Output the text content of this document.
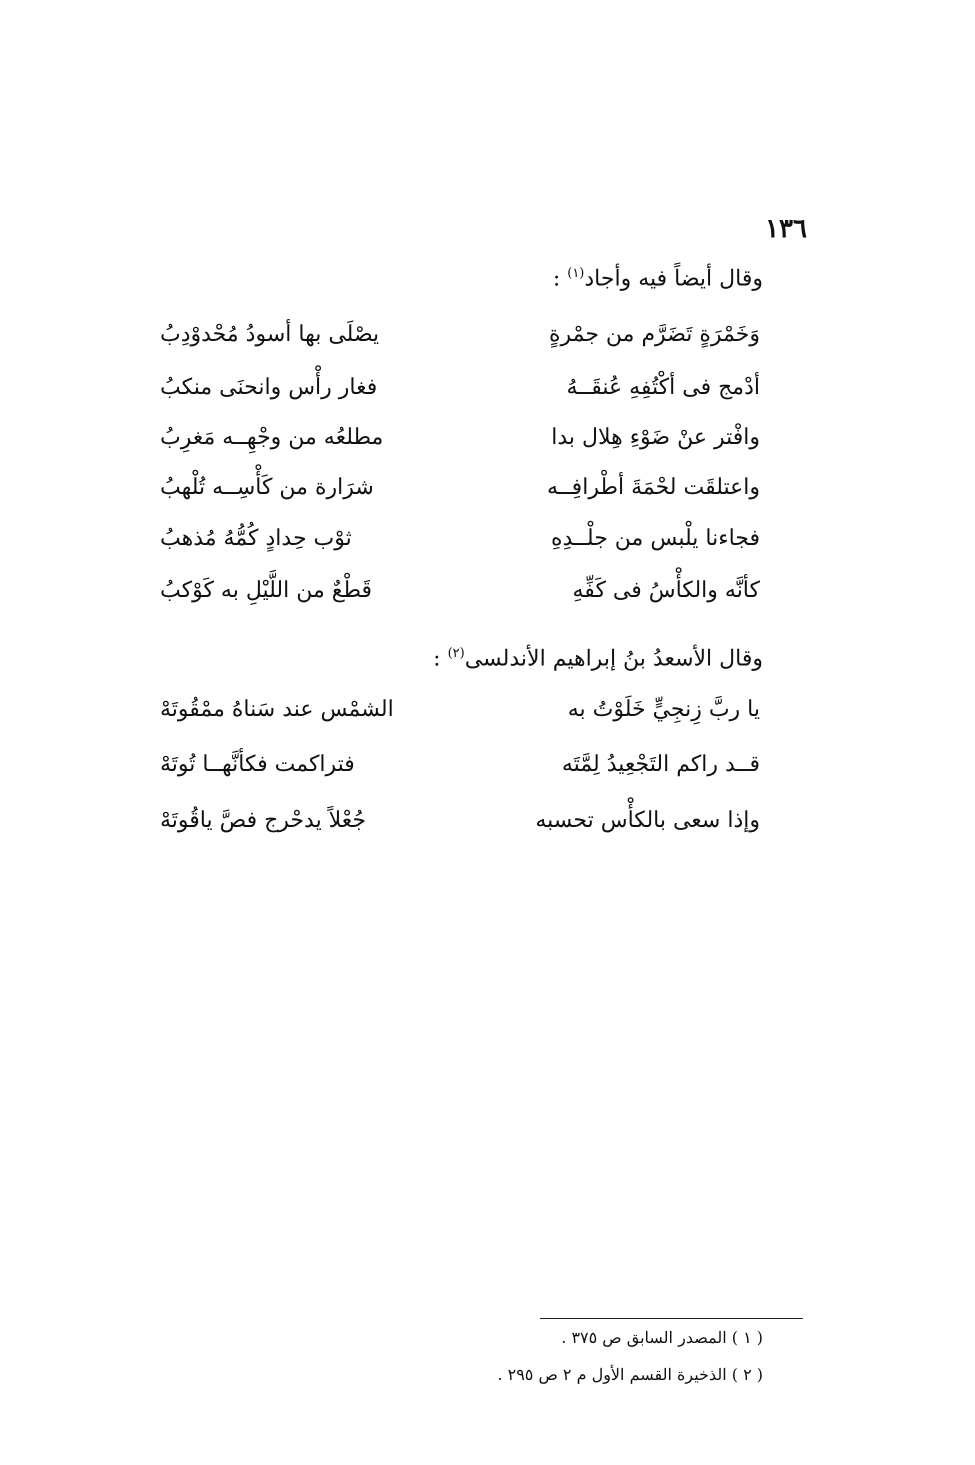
١٣٦
وقال أيضاً فيه وأجاد$^{(١)}$ :
وَخَمْرَةٍ تَضَرَّم من جمْرةٍ
يصْلَى بها أسودُ مُحْدوْدِبُ
أدْمج فى أكْتُفِهِ عُنقَــهُ
فغار رأْس وانحنَى منكبُ
وافْتر عنْ ضَوْءِ هِلال بدا
مطلعُه من وجْهِــه مَغرِبُ
واعتلقَت لحْمَةَ أطْرافِــه
شرَارة من كَأْسِــه تُلْهبُ
فجاءنا يلْبس من جلْــدِهِ
ثوْب حِدادٍ كُمُّهُ مُذهبُ
كأنَّه والكأْسُ فى كَفِّهِ
قَطْعٌ من اللَّيْلِ به كَوْكبُ
وقال الأسعدُ بنُ إبراهيم الأندلسى$^{(٢)}$ :
يا ربَّ زِنجِيٍّ خَلَوْتُ به
الشمْس عند سَناهُ ممْقُوتَهْ
قــد راكم التَجْعِيدُ لِمَّتَه
فتراكمت فكأنَّهــا تُوتَهْ
وإذا سعى بالكأْس تحسبه
جُعْلاً يدحْرج فصَّ ياقُوتَهْ
( ١ ) المصدر السابق ص ٣٧٥ .
( ٢ ) الذخيرة القسم الأول م ٢ ص ٢٩٥ .
